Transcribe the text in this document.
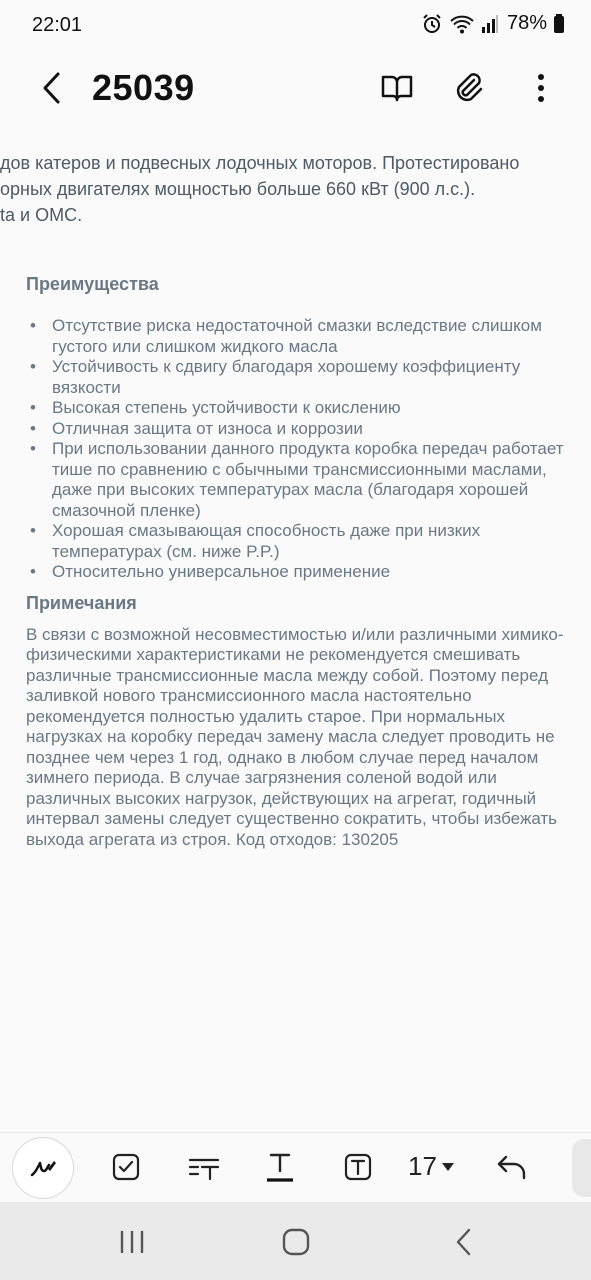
22:01	78%
25039
дов катеров и подвесных лодочных моторов. Протестировано
орных двигателях мощностью больше 660 кВт (900 л.с.).
ta и OMC.

Преимущества

• Отсутствие риска недостаточной смазки вследствие слишком густого или слишком жидкого масла
• Устойчивость к сдвигу благодаря хорошему коэффициенту вязкости
• Высокая степень устойчивости к окислению
• Отличная защита от износа и коррозии
• При использовании данного продукта коробка передач работает тише по сравнению с обычными трансмиссионными маслами, даже при высоких температурах масла (благодаря хорошей смазочной пленке)
• Хорошая смазывающая способность даже при низких температурах (см. ниже P.P.)
• Относительно универсальное применение

Примечания

В связи с возможной несовместимостью и/или различными химико-физическими характеристиками не рекомендуется смешивать различные трансмиссионные масла между собой. Поэтому перед заливкой нового трансмиссионного масла настоятельно рекомендуется полностью удалить старое. При нормальных нагрузках на коробку передач замену масла следует проводить не позднее чем через 1 год, однако в любом случае перед началом зимнего периода. В случае загрязнения соленой водой или различных высоких нагрузок, действующих на агрегат, годичный интервал замены следует существенно сократить, чтобы избежать выхода агрегата из строя. Код отходов: 130205

17
